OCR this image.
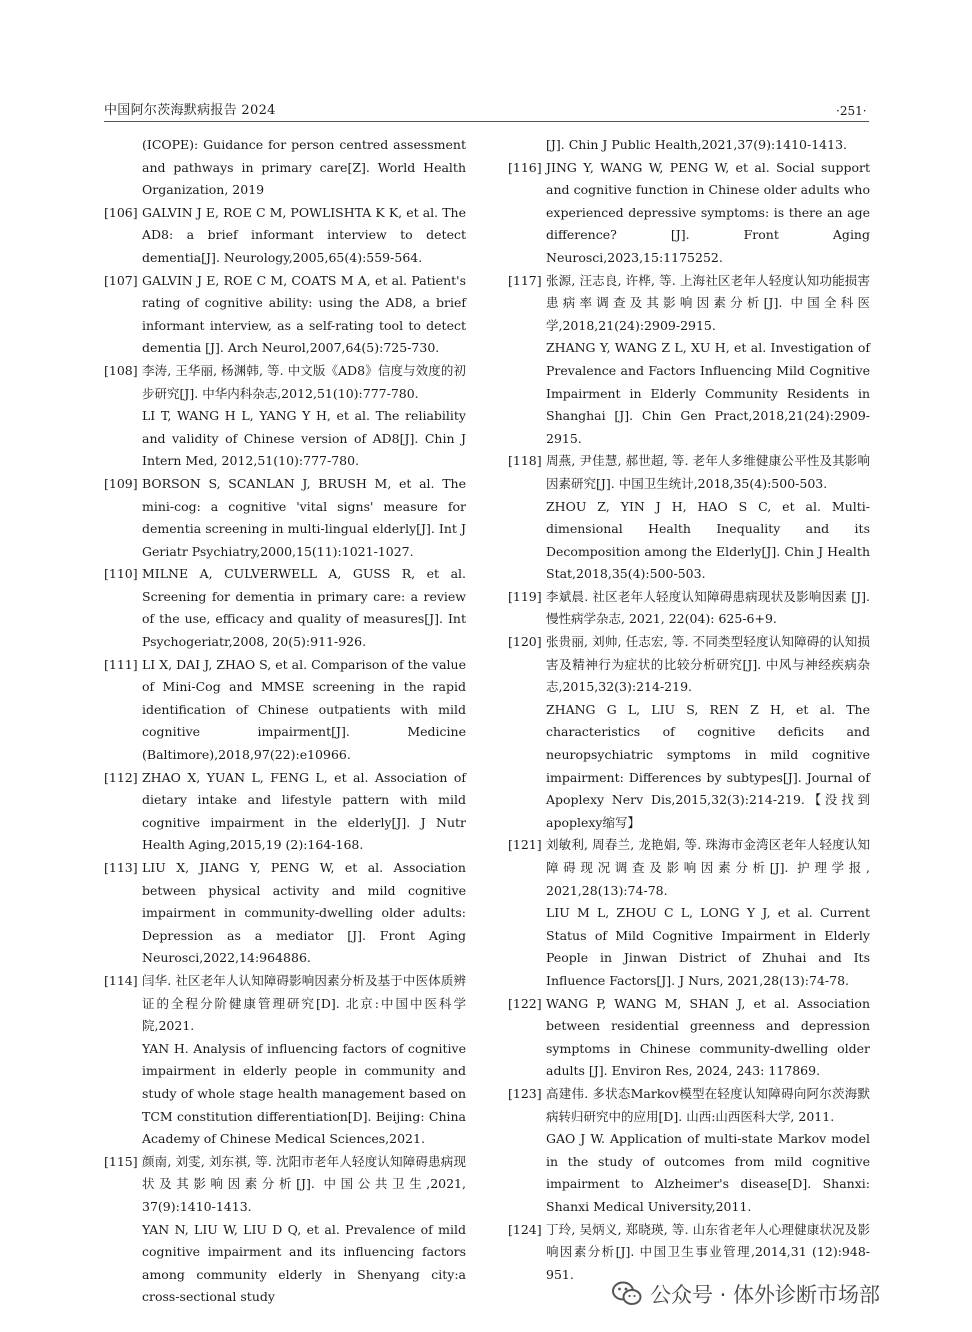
中国阿尔茨海默病报告 2024	·251·

(ICOPE): Guidance for person centred assessment and pathways in primary care[Z]. World Health Organization, 2019

[106] GALVIN J E, ROE C M, POWLISHTA K K, et al. The AD8: a brief informant interview to detect dementia[J]. Neurology,2005,65(4):559-564.

[107] GALVIN J E, ROE C M, COATS M A, et al. Patient's rating of cognitive ability: using the AD8, a brief informant interview, as a self-rating tool to detect dementia [J]. Arch Neurol,2007,64(5):725-730.

[108] 李涛, 王华丽, 杨渊韩, 等. 中文版《AD8》信度与效度的初步研究[J]. 中华内科杂志,2012,51(10):777-780.

LI T, WANG H L, YANG Y H, et al. The reliability and validity of Chinese version of AD8[J]. Chin J Intern Med, 2012,51(10):777-780.

[109] BORSON S, SCANLAN J, BRUSH M, et al. The mini-cog: a cognitive 'vital signs' measure for dementia screening in multi-lingual elderly[J]. Int J Geriatr Psychiatry,2000,15(11):1021-1027.

[110] MILNE A, CULVERWELL A, GUSS R, et al. Screening for dementia in primary care: a review of the use, efficacy and quality of measures[J]. Int Psychogeriatr,2008, 20(5):911-926.

[111] LI X, DAI J, ZHAO S, et al. Comparison of the value of Mini-Cog and MMSE screening in the rapid identification of Chinese outpatients with mild cognitive impairment[J]. Medicine (Baltimore),2018,97(22):e10966.

[112] ZHAO X, YUAN L, FENG L, et al. Association of dietary intake and lifestyle pattern with mild cognitive impairment in the elderly[J]. J Nutr Health Aging,2015,19 (2):164-168.

[113] LIU X, JIANG Y, PENG W, et al. Association between physical activity and mild cognitive impairment in community-dwelling older adults: Depression as a mediator [J]. Front Aging Neurosci,2022,14:964886.

[114] 闫华. 社区老年人认知障碍影响因素分析及基于中医体质辨证的全程分阶健康管理研究[D]. 北京:中国中医科学院,2021.

YAN H. Analysis of influencing factors of cognitive impairment in elderly people in community and study of whole stage health management based on TCM constitution differentiation[D]. Beijing: China Academy of Chinese Medical Sciences,2021.

[115] 颜南, 刘雯, 刘东祺, 等. 沈阳市老年人轻度认知障碍患病现状及其影响因素分析[J]. 中国公共卫生,2021, 37(9):1410-1413.

YAN N, LIU W, LIU D Q, et al. Prevalence of mild cognitive impairment and its influencing factors among community elderly in Shenyang city:a cross-sectional study

[J]. Chin J Public Health,2021,37(9):1410-1413.

[116] JING Y, WANG W, PENG W, et al. Social support and cognitive function in Chinese older adults who experienced depressive symptoms: is there an age difference? [J]. Front Aging Neurosci,2023,15:1175252.

[117] 张源, 汪志良, 许桦, 等. 上海社区老年人轻度认知功能损害患病率调查及其影响因素分析[J]. 中国全科医学,2018,21(24):2909-2915.

ZHANG Y, WANG Z L, XU H, et al. Investigation of Prevalence and Factors Influencing Mild Cognitive Impairment in Elderly Community Residents in Shanghai [J]. Chin Gen Pract,2018,21(24):2909-2915.

[118] 周燕, 尹佳慧, 郝世超, 等. 老年人多维健康公平性及其影响因素研究[J]. 中国卫生统计,2018,35(4):500-503.

ZHOU Z, YIN J H, HAO S C, et al. Multi-dimensional Health Inequality and its Decomposition among the Elderly[J]. Chin J Health Stat,2018,35(4):500-503.

[119] 李斌晨. 社区老年人轻度认知障碍患病现状及影响因素 [J]. 慢性病学杂志, 2021, 22(04): 625-6+9.

[120] 张贵丽, 刘帅, 任志宏, 等. 不同类型轻度认知障碍的认知损害及精神行为症状的比较分析研究[J]. 中风与神经疾病杂志,2015,32(3):214-219.

ZHANG G L, LIU S, REN Z H, et al. The characteristics of cognitive deficits and neuropsychiatric symptoms in mild cognitive impairment: Differences by subtypes[J]. Journal of Apoplexy Nerv Dis,2015,32(3):214-219.【没找到apoplexy缩写】

[121] 刘敏利, 周春兰, 龙艳娟, 等. 珠海市金湾区老年人轻度认知障碍现况调查及影响因素分析[J]. 护理学报, 2021,28(13):74-78.

LIU M L, ZHOU C L, LONG Y J, et al. Current Status of Mild Cognitive Impairment in Elderly People in Jinwan District of Zhuhai and Its Influence Factors[J]. J Nurs, 2021,28(13):74-78.

[122] WANG P, WANG M, SHAN J, et al. Association between residential greenness and depression symptoms in Chinese community-dwelling older adults [J]. Environ Res, 2024, 243: 117869.

[123] 高建伟. 多状态Markov模型在轻度认知障碍向阿尔茨海默病转归研究中的应用[D]. 山西:山西医科大学, 2011.

GAO J W. Application of multi-state Markov model in the study of outcomes from mild cognitive impairment to Alzheimer's disease[D]. Shanxi: Shanxi Medical University,2011.

[124] 丁玲, 吴炳义, 郑晓瑛, 等. 山东省老年人心理健康状况及影响因素分析[J]. 中国卫生事业管理,2014,31 (12):948-951.

公众号 · 体外诊断市场部
